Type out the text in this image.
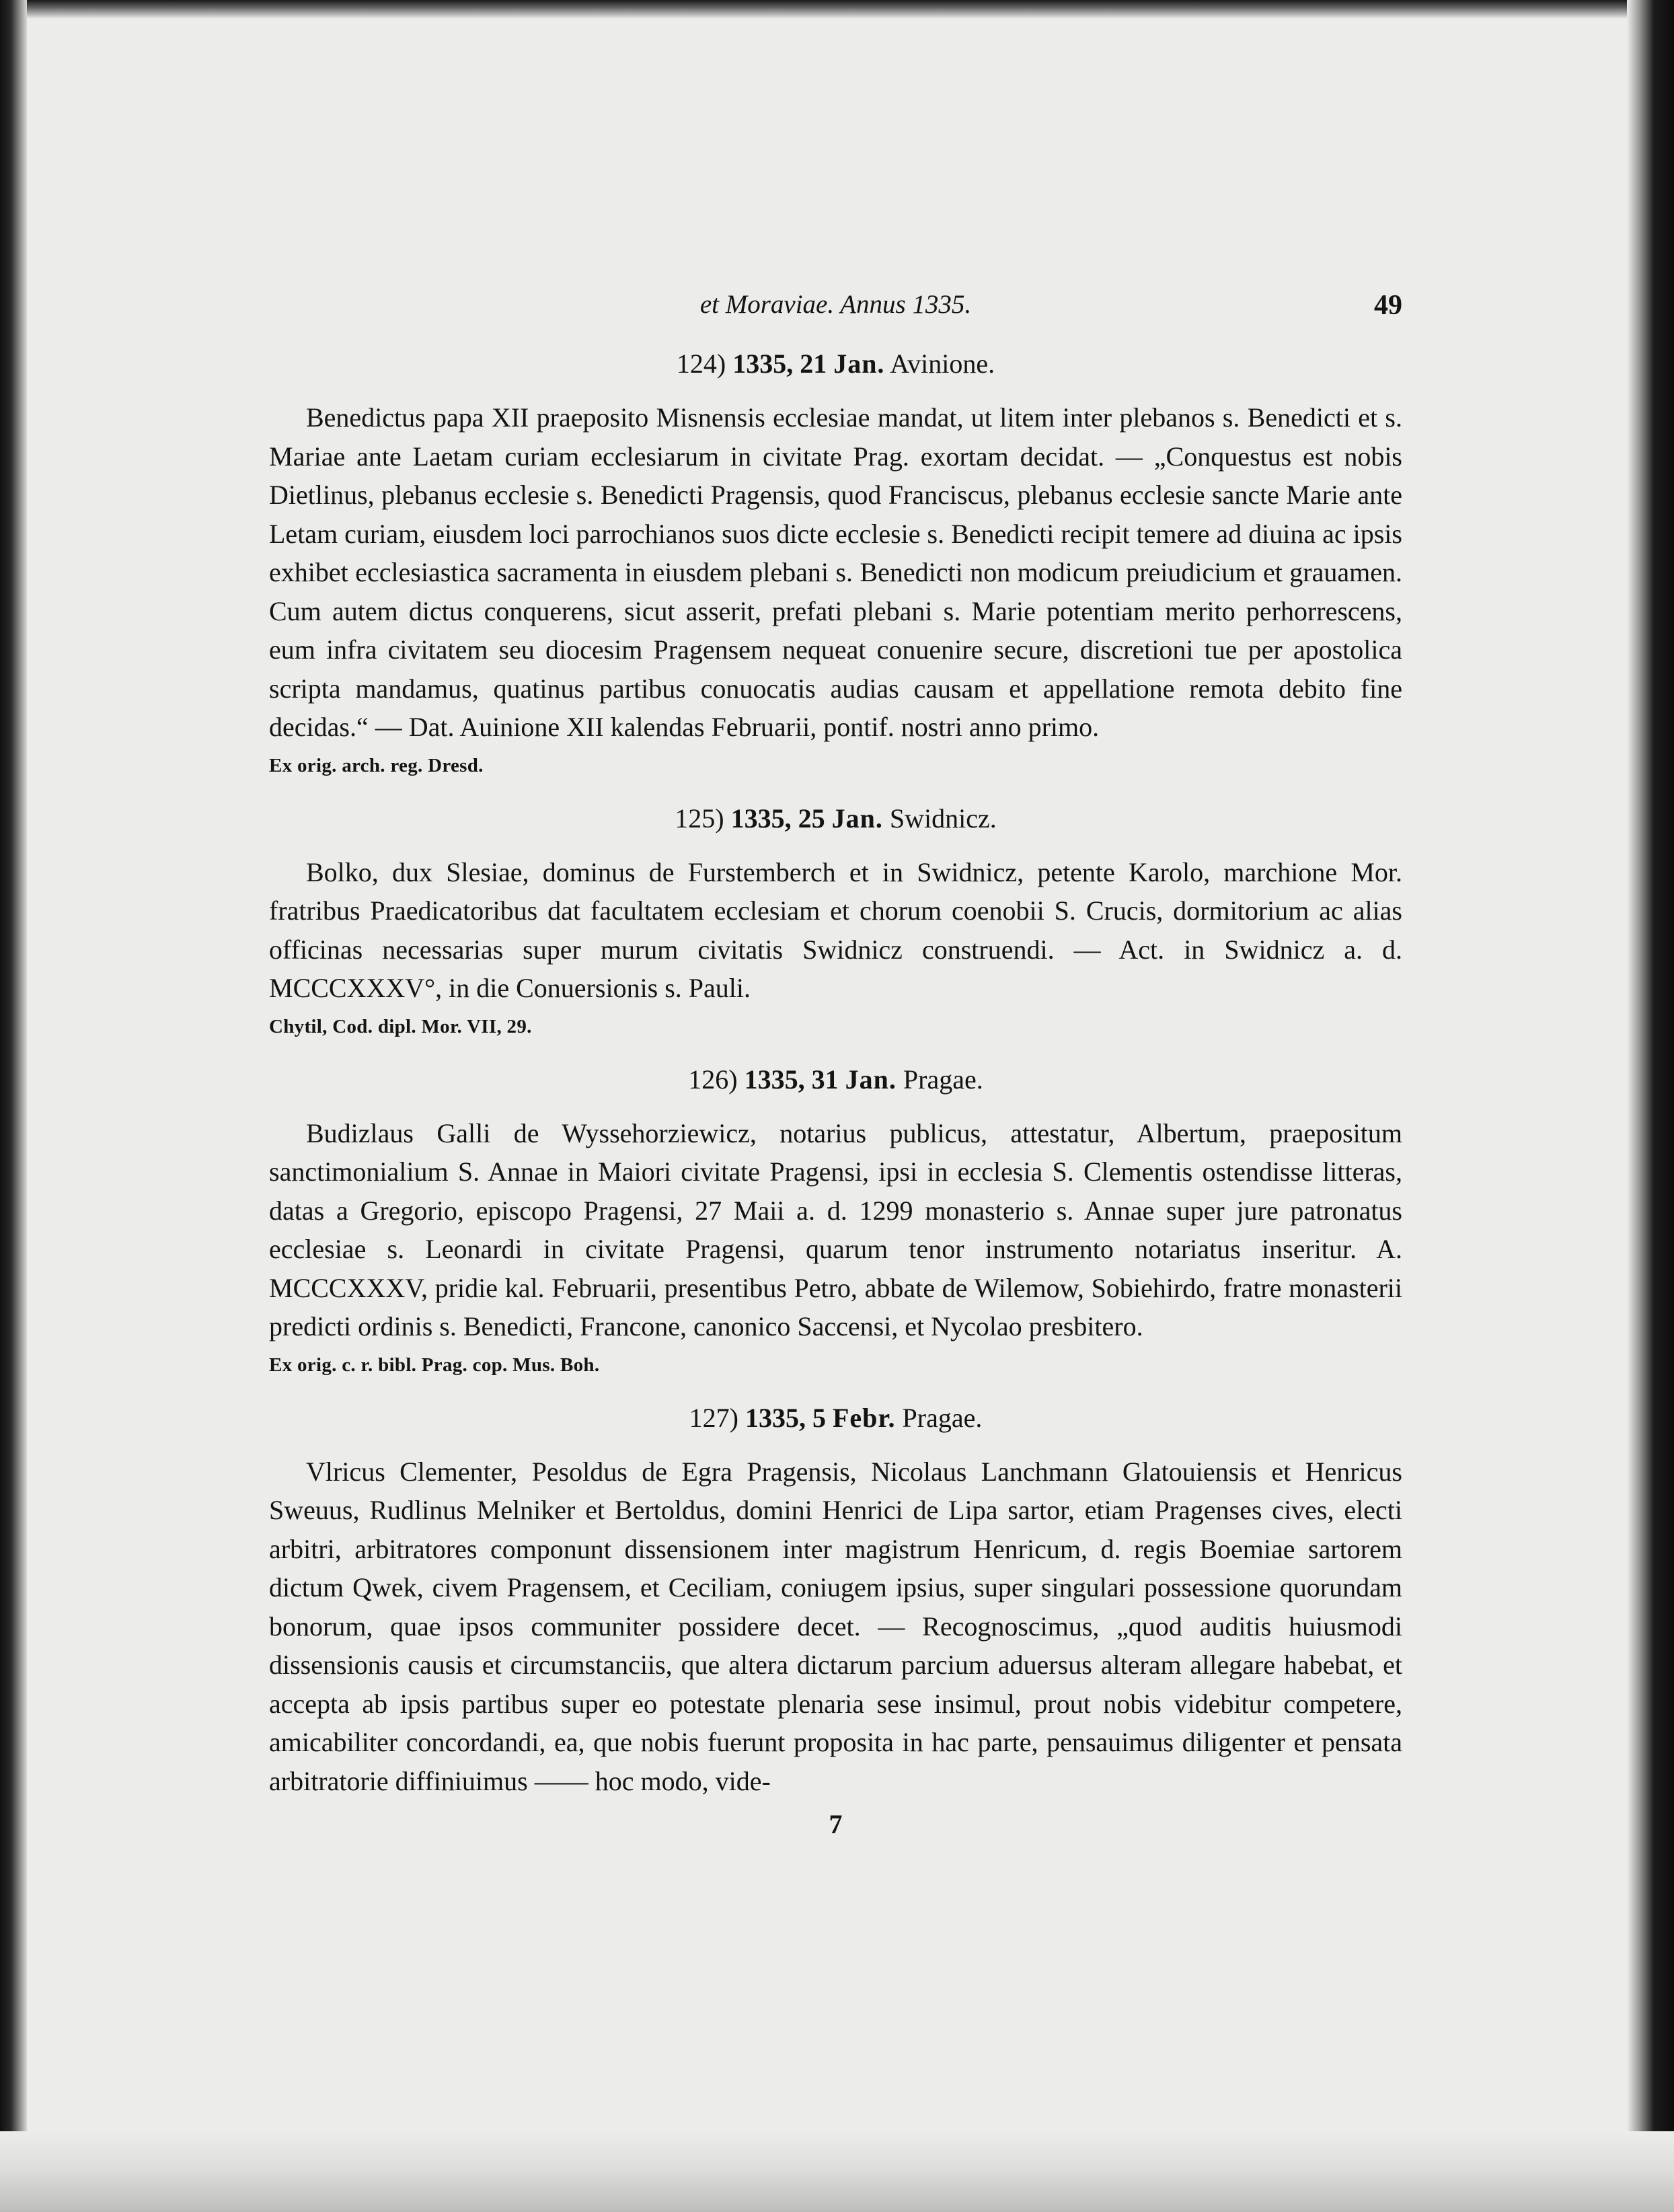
et Moraviae. Annus 1335.	49
124) 1335, 21 Jan. Avinione.

Benedictus papa XII praeposito Misnensis ecclesiae mandat, ut litem inter plebanos s. Benedicti et s. Mariae ante Laetam curiam ecclesiarum in civitate Prag. exortam decidat. — „Conquestus est nobis Dietlinus, plebanus ecclesie s. Benedicti Pragensis, quod Franciscus, plebanus ecclesie sancte Marie ante Letam curiam, eiusdem loci parrochianos suos dicte ecclesie s. Benedicti recipit temere ad diuina ac ipsis exhibet ecclesiastica sacramenta in eiusdem plebani s. Benedicti non modicum preiudicium et grauamen. Cum autem dictus conquerens, sicut asserit, prefati plebani s. Marie potentiam merito perhorrescens, eum infra civitatem seu diocesim Pragensem nequeat conuenire secure, discretioni tue per apostolica scripta mandamus, quatinus partibus conuocatis audias causam et appellatione remota debito fine decidas.“ — Dat. Auinione XII kalendas Februarii, pontif. nostri anno primo.

Ex orig. arch. reg. Dresd.
125) 1335, 25 Jan. Swidnicz.

Bolko, dux Slesiae, dominus de Furstemberch et in Swidnicz, petente Karolo, marchione Mor. fratribus Praedicatoribus dat facultatem ecclesiam et chorum coenobii S. Crucis, dormitorium ac alias officinas necessarias super murum civitatis Swidnicz construendi. — Act. in Swidnicz a. d. MCCCXXXV°, in die Conuersionis s. Pauli.

Chytil, Cod. dipl. Mor. VII, 29.
126) 1335, 31 Jan. Pragae.

Budizlaus Galli de Wyssehorziewicz, notarius publicus, attestatur, Albertum, praepositum sanctimonialium S. Annae in Maiori civitate Pragensi, ipsi in ecclesia S. Clementis ostendisse litteras, datas a Gregorio, episcopo Pragensi, 27 Maii a. d. 1299 monasterio s. Annae super jure patronatus ecclesiae s. Leonardi in civitate Pragensi, quarum tenor instrumento notariatus inseritur. A. MCCCXXXV, pridie kal. Februarii, presentibus Petro, abbate de Wilemow, Sobiehirdo, fratre monasterii predicti ordinis s. Benedicti, Francone, canonico Saccensi, et Nycolao presbitero.

Ex orig. c. r. bibl. Prag. cop. Mus. Boh.
127) 1335, 5 Febr. Pragae.

Vlricus Clementer, Pesoldus de Egra Pragensis, Nicolaus Lanchmann Glatouiensis et Henricus Sweuus, Rudlinus Melniker et Bertoldus, domini Henrici de Lipa sartor, etiam Pragenses cives, electi arbitri, arbitratores componunt dissensionem inter magistrum Henricum, d. regis Boemiae sartorem dictum Qwek, civem Pragensem, et Ceciliam, coniugem ipsius, super singulari possessione quorundam bonorum, quae ipsos communiter possidere decet. — Recognoscimus, „quod auditis huiusmodi dissensionis causis et circumstanciis, que altera dictarum parcium aduersus alteram allegare habebat, et accepta ab ipsis partibus super eo potestate plenaria sese insimul, prout nobis videbitur competere, amicabiliter concordandi, ea, que nobis fuerunt proposita in hac parte, pensauimus diligenter et pensata arbitratorie diffiniuimus —— hoc modo, vide-

7
